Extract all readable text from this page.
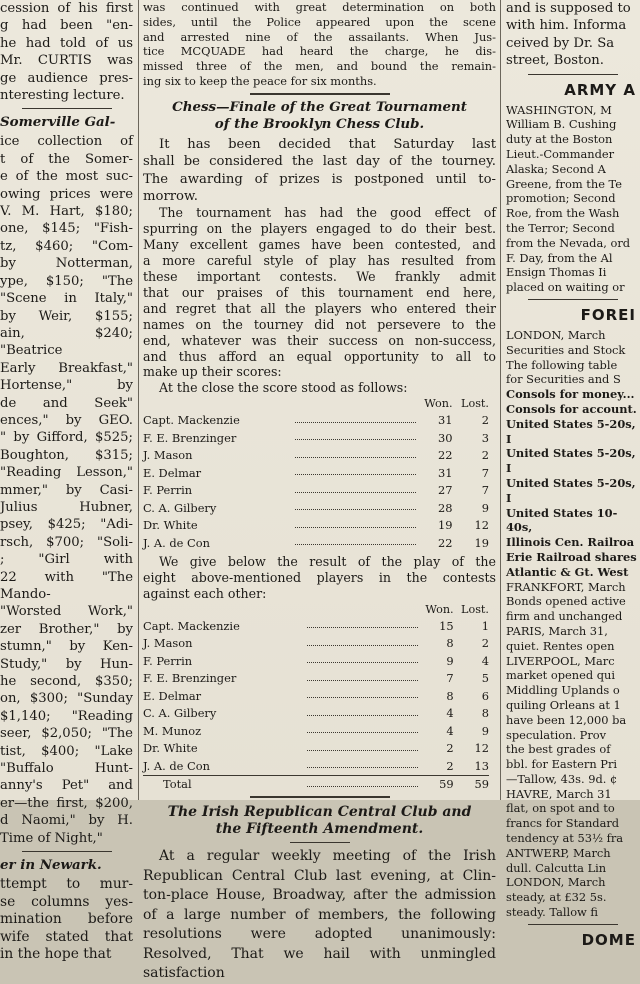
cession of his first
g had been "en-
he had told of us
Mr. CURTIS was
ge audience pres-
nteresting lecture.
Somerville Gal-
ice collection of
t of the Somer-
e of the most suc-
owing prices were
V. M. Hart, $180;
one, $145; "Fish-
tz, $460; "Com-
by Notterman,
ype, $150; "The
"Scene in Italy,"
by Weir, $155;
ain, $240; "Beatrice
Early Breakfast,"
Hortense," by
de and Seek"
ences," by GEO.
" by Gifford, $525;
Boughton, $315;
"Reading Lesson,"
mmer," by Casi-
Julius Hubner,
psey, $425; "Adi-
rsch, $700; "Soli-
; "Girl with
22 with "The Mando-
"Worsted Work,"
zer Brother," by
stumn," by Ken-
Study," by Hun-
he second, $350;
on, $300; "Sunday
$1,140; "Reading
seer, $2,050; "The
tist, $400; "Lake
"Buffalo Hunt-
anny's Pet" and
er—the first, $200,
d Naomi," by H.
Time of Night,"
er in Newark.
ttempt to mur-
se columns yes-
mination before
wife stated that
in the hope that
was continued with great determination on both
sides, until the Police appeared upon the scene
and arrested nine of the assailants. When Jus-
tice MCQUADE had heard the charge, he dis-
missed three of the men, and bound the remain-
ing six to keep the peace for six months.
Chess—Finale of the Great Tournament
of the Brooklyn Chess Club.
It has been decided that Saturday last
shall be considered the last day of the tourney.
The awarding of prizes is postponed until to-
morrow.
The tournament has had the good effect of
spurring on the players engaged to do their best.
Many excellent games have been contested, and
a more careful style of play has resulted from
these important contests. We frankly admit
that our praises of this tournament end here,
and regret that all the players who entered their
names on the tourney did not persevere to the
end, whatever was their success on non-success,
and thus afford an equal opportunity to all to
make up their scores:

At the close the score stood as follows:

		Won.	Lost.
Capt. Mackenzie		31	2
F. E. Brenzinger		30	3
J. Mason		22	2
E. Delmar		31	7
F. Perrin		27	7
C. A. Gilbery		28	9
Dr. White		19	12
J. A. de Con		22	19
We give below the result of the play of the
eight above-mentioned players in the contests
against each other:
		Won.	Lost.
Capt. Mackenzie		15	1
J. Mason		8	2
F. Perrin		9	4
F. E. Brenzinger		7	5
E. Delmar		8	6
C. A. Gilbery		4	8
M. Munoz		4	9
Dr. White		2	12
J. A. de Con		2	13
Total		59	59
The Irish Republican Central Club and
the Fifteenth Amendment.
At a regular weekly meeting of the Irish
Republican Central Club last evening, at Clin-
ton-place House, Broadway, after the admission
of a large number of members, the following
resolutions were adopted unanimously:
Resolved, That we hail with unmingled satisfaction
and is supposed to
with him. Informa
ceived by Dr. Sa
street, Boston.
ARMY A
WASHINGTON, M
William B. Cushing
duty at the Boston
Lieut.-Commander
Alaska; Second A
Greene, from the Te
promotion; Second
Roe, from the Wash
the Terror; Second
from the Nevada, ord
F. Day, from the Al
Ensign Thomas Ii
placed on waiting or
FOREI
LONDON, March
Securities and Stock
The following table
for Securities and S
Consols for money...
Consols for account.
United States 5-20s, I
United States 5-20s, I
United States 5-20s, I
United States 10-40s,
Illinois Cen. Railroa
Erie Railroad shares
Atlantic & Gt. West
FRANKFORT, March
Bonds opened active
firm and unchanged
PARIS, March 31,
quiet. Rentes open
LIVERPOOL, Marc
market opened qui
Middling Uplands o
quiling Orleans at 1
have been 12,000 ba
speculation. Prov
the best grades of
bbl. for Eastern Pri
—Tallow, 43s. 9d. ¢
HAVRE, March 31
flat, on spot and to
francs for Standard
tendency at 53½ fra
ANTWERP, March
dull. Calcutta Lin
LONDON, March
steady, at £32 5s.
steady. Tallow fi
DOME
